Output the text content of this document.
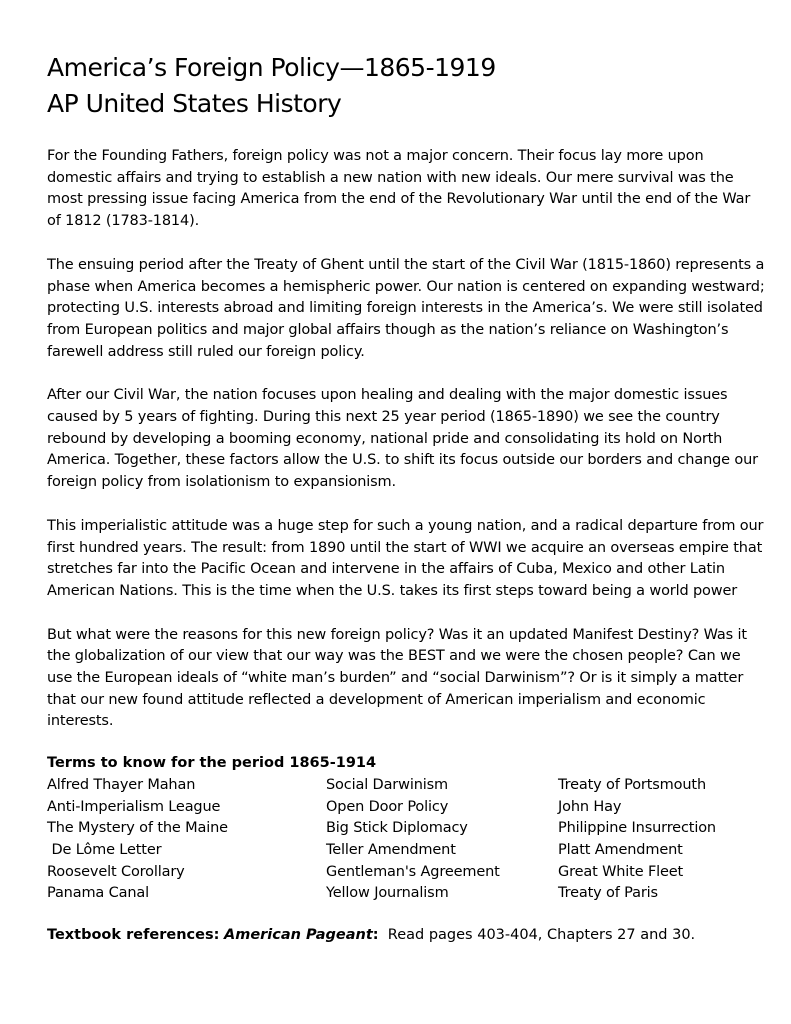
America’s Foreign Policy—1865-1919
AP United States History

For the Founding Fathers, foreign policy was not a major concern. Their focus lay more upon domestic affairs and trying to establish a new nation with new ideals. Our mere survival was the most pressing issue facing America from the end of the Revolutionary War until the end of the War of 1812 (1783-1814).

The ensuing period after the Treaty of Ghent until the start of the Civil War (1815-1860) represents a phase when America becomes a hemispheric power. Our nation is centered on expanding westward; protecting U.S. interests abroad and limiting foreign interests in the America’s. We were still isolated from European politics and major global affairs though as the nation’s reliance on Washington’s farewell address still ruled our foreign policy.

After our Civil War, the nation focuses upon healing and dealing with the major domestic issues caused by 5 years of fighting. During this next 25 year period (1865-1890) we see the country rebound by developing a booming economy, national pride and consolidating its hold on North America. Together, these factors allow the U.S. to shift its focus outside our borders and change our foreign policy from isolationism to expansionism.

This imperialistic attitude was a huge step for such a young nation, and a radical departure from our first hundred years. The result: from 1890 until the start of WWI we acquire an overseas empire that stretches far into the Pacific Ocean and intervene in the affairs of Cuba, Mexico and other Latin American Nations. This is the time when the U.S. takes its first steps toward being a world power

But what were the reasons for this new foreign policy? Was it an updated Manifest Destiny? Was it the globalization of our view that our way was the BEST and we were the chosen people? Can we use the European ideals of “white man’s burden” and “social Darwinism”? Or is it simply a matter that our new found attitude reflected a development of American imperialism and economic interests.

Terms to know for the period 1865-1914
Alfred Thayer Mahan	Social Darwinism	Treaty of Portsmouth
Anti-Imperialism League	Open Door Policy	John Hay
The Mystery of the Maine	Big Stick Diplomacy	Philippine Insurrection
De Lôme Letter	Teller Amendment	Platt Amendment
Roosevelt Corollary	Gentleman's Agreement	Great White Fleet
Panama Canal	Yellow Journalism	Treaty of Paris
Textbook references: American Pageant:  Read pages 403-404, Chapters 27 and 30.
